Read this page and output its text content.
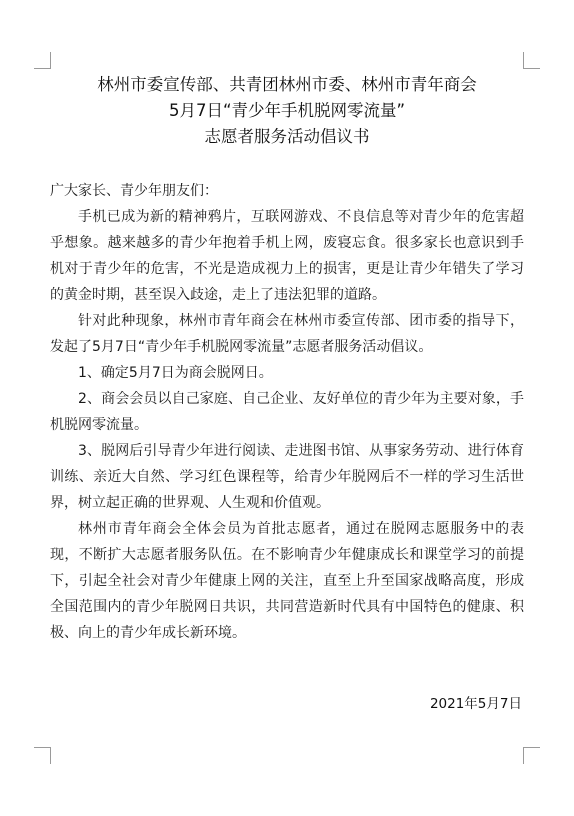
林州市委宣传部、共青团林州市委、林州市青年商会

5月7日“青少年手机脱网零流量”

志愿者服务活动倡议书

广大家长、青少年朋友们：

手机已成为新的精神鸦片，互联网游戏、不良信息等对青少年的危害超乎想象。越来越多的青少年抱着手机上网，废寝忘食。很多家长也意识到手机对于青少年的危害，不光是造成视力上的损害，更是让青少年错失了学习的黄金时期，甚至误入歧途，走上了违法犯罪的道路。

针对此种现象，林州市青年商会在林州市委宣传部、团市委的指导下，发起了5月7日“青少年手机脱网零流量”志愿者服务活动倡议。

1、确定5月7日为商会脱网日。

2、商会会员以自己家庭、自己企业、友好单位的青少年为主要对象，手机脱网零流量。

3、脱网后引导青少年进行阅读、走进图书馆、从事家务劳动、进行体育训练、亲近大自然、学习红色课程等，给青少年脱网后不一样的学习生活世界，树立起正确的世界观、人生观和价值观。

林州市青年商会全体会员为首批志愿者，通过在脱网志愿服务中的表现，不断扩大志愿者服务队伍。在不影响青少年健康成长和课堂学习的前提下，引起全社会对青少年健康上网的关注，直至上升至国家战略高度，形成全国范围内的青少年脱网日共识，共同营造新时代具有中国特色的健康、积极、向上的青少年成长新环境。

2021年5月7日
